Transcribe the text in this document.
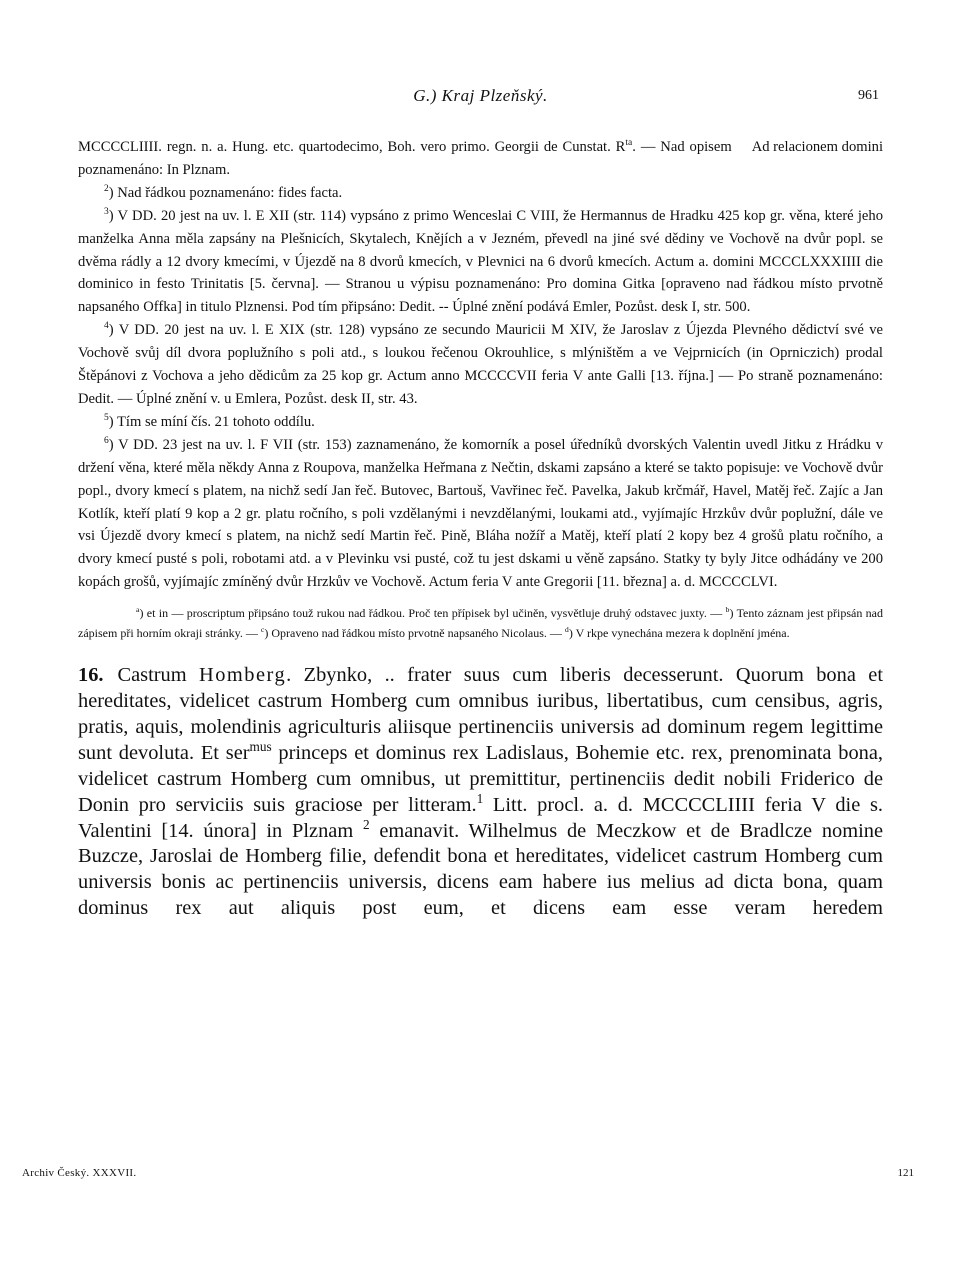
G.) Kraj Plzeňský.	961

MCCCCLIIII. regn. n. a. Hung. etc. quartodecimo, Boh. vero primo.	Ad relacionem domini
Georgii de Cunstat. $R^{ta}$. — Nad opisem poznamenáno: In Plznam.

$^2$) Nad řádkou poznamenáno: fides facta.

$^3$) V DD. 20 jest na uv. l. E XII (str. 114) vypsáno z primo Wenceslai C VIII, že Hermannus de Hradku 425 kop gr. věna, které jeho manželka Anna měla zapsány na Plešnicích, Skytalech, Knějích a v Jezném, převedl na jiné své dědiny ve Vochově na dvůr popl. se dvěma rádly a 12 dvory kmecími, v Újezdě na 8 dvorů kmecích, v Plevnici na 6 dvorů kmecích. Actum a. domini MCCCLXXXIIII die dominico in festo Trinitatis [5. června]. — Stranou u výpisu poznamenáno: Pro domina Gitka [opraveno nad řádkou místo prvotně napsaného Offka] in titulo Plznensi. Pod tím připsáno: Dedit. -- Úplné znění podává Emler, Pozůst. desk I, str. 500.

$^4$) V DD. 20 jest na uv. l. E XIX (str. 128) vypsáno ze secundo Mauricii M XIV, že Jaroslav z Újezda Plevného dědictví své ve Vochově svůj díl dvora poplužního s poli atd., s loukou řečenou Okrouhlice, s mlýništěm a ve Vejprnicích (in Oprniczich) prodal Štěpánovi z Vochova a jeho dědicům za 25 kop gr. Actum anno MCCCCVII feria V ante Galli [13. října.] — Po straně poznamenáno: Dedit. — Úplné znění v. u Emlera, Pozůst. desk II, str. 43.

$^5$) Tím se míní čís. 21 tohoto oddílu.

$^6$) V DD. 23 jest na uv. l. F VII (str. 153) zaznamenáno, že komorník a posel úředníků dvorských Valentin uvedl Jitku z Hrádku v držení věna, které měla někdy Anna z Roupova, manželka Heřmana z Nečtin, dskami zapsáno a které se takto popisuje: ve Vochově dvůr popl., dvory kmecí s platem, na nichž sedí Jan řeč. Butovec, Bartouš, Vavřinec řeč. Pavelka, Jakub krčmář, Havel, Matěj řeč. Zajíc a Jan Kotlík, kteří platí 9 kop a 2 gr. platu ročního, s poli vzdělanými i nevzdělanými, loukami atd., vyjímajíc Hrzkův dvůr poplužní, dále ve vsi Újezdě dvory kmecí s platem, na nichž sedí Martin řeč. Pině, Bláha nožíř a Matěj, kteří platí 2 kopy bez 4 grošů platu ročního, a dvory kmecí pusté s poli, robotami atd. a v Plevinku vsi pusté, což tu jest dskami u věně zapsáno. Statky ty byly Jitce odhádány ve 200 kopách grošů, vyjímajíc zmíněný dvůr Hrzkův ve Vochově. Actum feria V ante Gregorii [11. března] a. d. MCCCCLVI.

$^a$) et in — proscriptum připsáno touž rukou nad řádkou. Proč ten přípisek byl učiněn, vysvětluje druhý odstavec juxty. — $^b$) Tento záznam jest připsán nad zápisem při horním okraji stránky. — $^c$) Opraveno nad řádkou místo prvotně napsaného Nicolaus. — $^d$) V rkpe vynechána mezera k doplnění jména.

16. Castrum Homberg. Zbynko, .. frater suus cum liberis decesserunt. Quorum bona et hereditates, videlicet castrum Homberg cum omnibus iuribus, libertatibus, cum censibus, agris, pratis, aquis, molendinis agriculturis aliisque pertinenciis universis ad dominum regem legittime sunt devoluta. Et ser$^{mus}$ princeps et dominus rex Ladislaus, Bohemie etc. rex, prenominata bona, videlicet castrum Homberg cum omnibus, ut premittitur, pertinenciis dedit nobili Friderico de Donin pro serviciis suis graciose per litteram.$^1$ Litt. procl. a. d. MCCCCLIIII feria V die s. Valentini [14. února] in Plznam $^2$ emanavit. Wilhelmus de Meczkow et de Bradlcze nomine Buzcze, Jaroslai de Homberg filie, defendit bona et hereditates, videlicet castrum Homberg cum universis bonis ac pertinenciis universis, dicens eam habere ius melius ad dicta bona, quam dominus rex aut aliquis post eum, et dicens eam esse veram heredem

Archiv Český. XXXVII.	121
